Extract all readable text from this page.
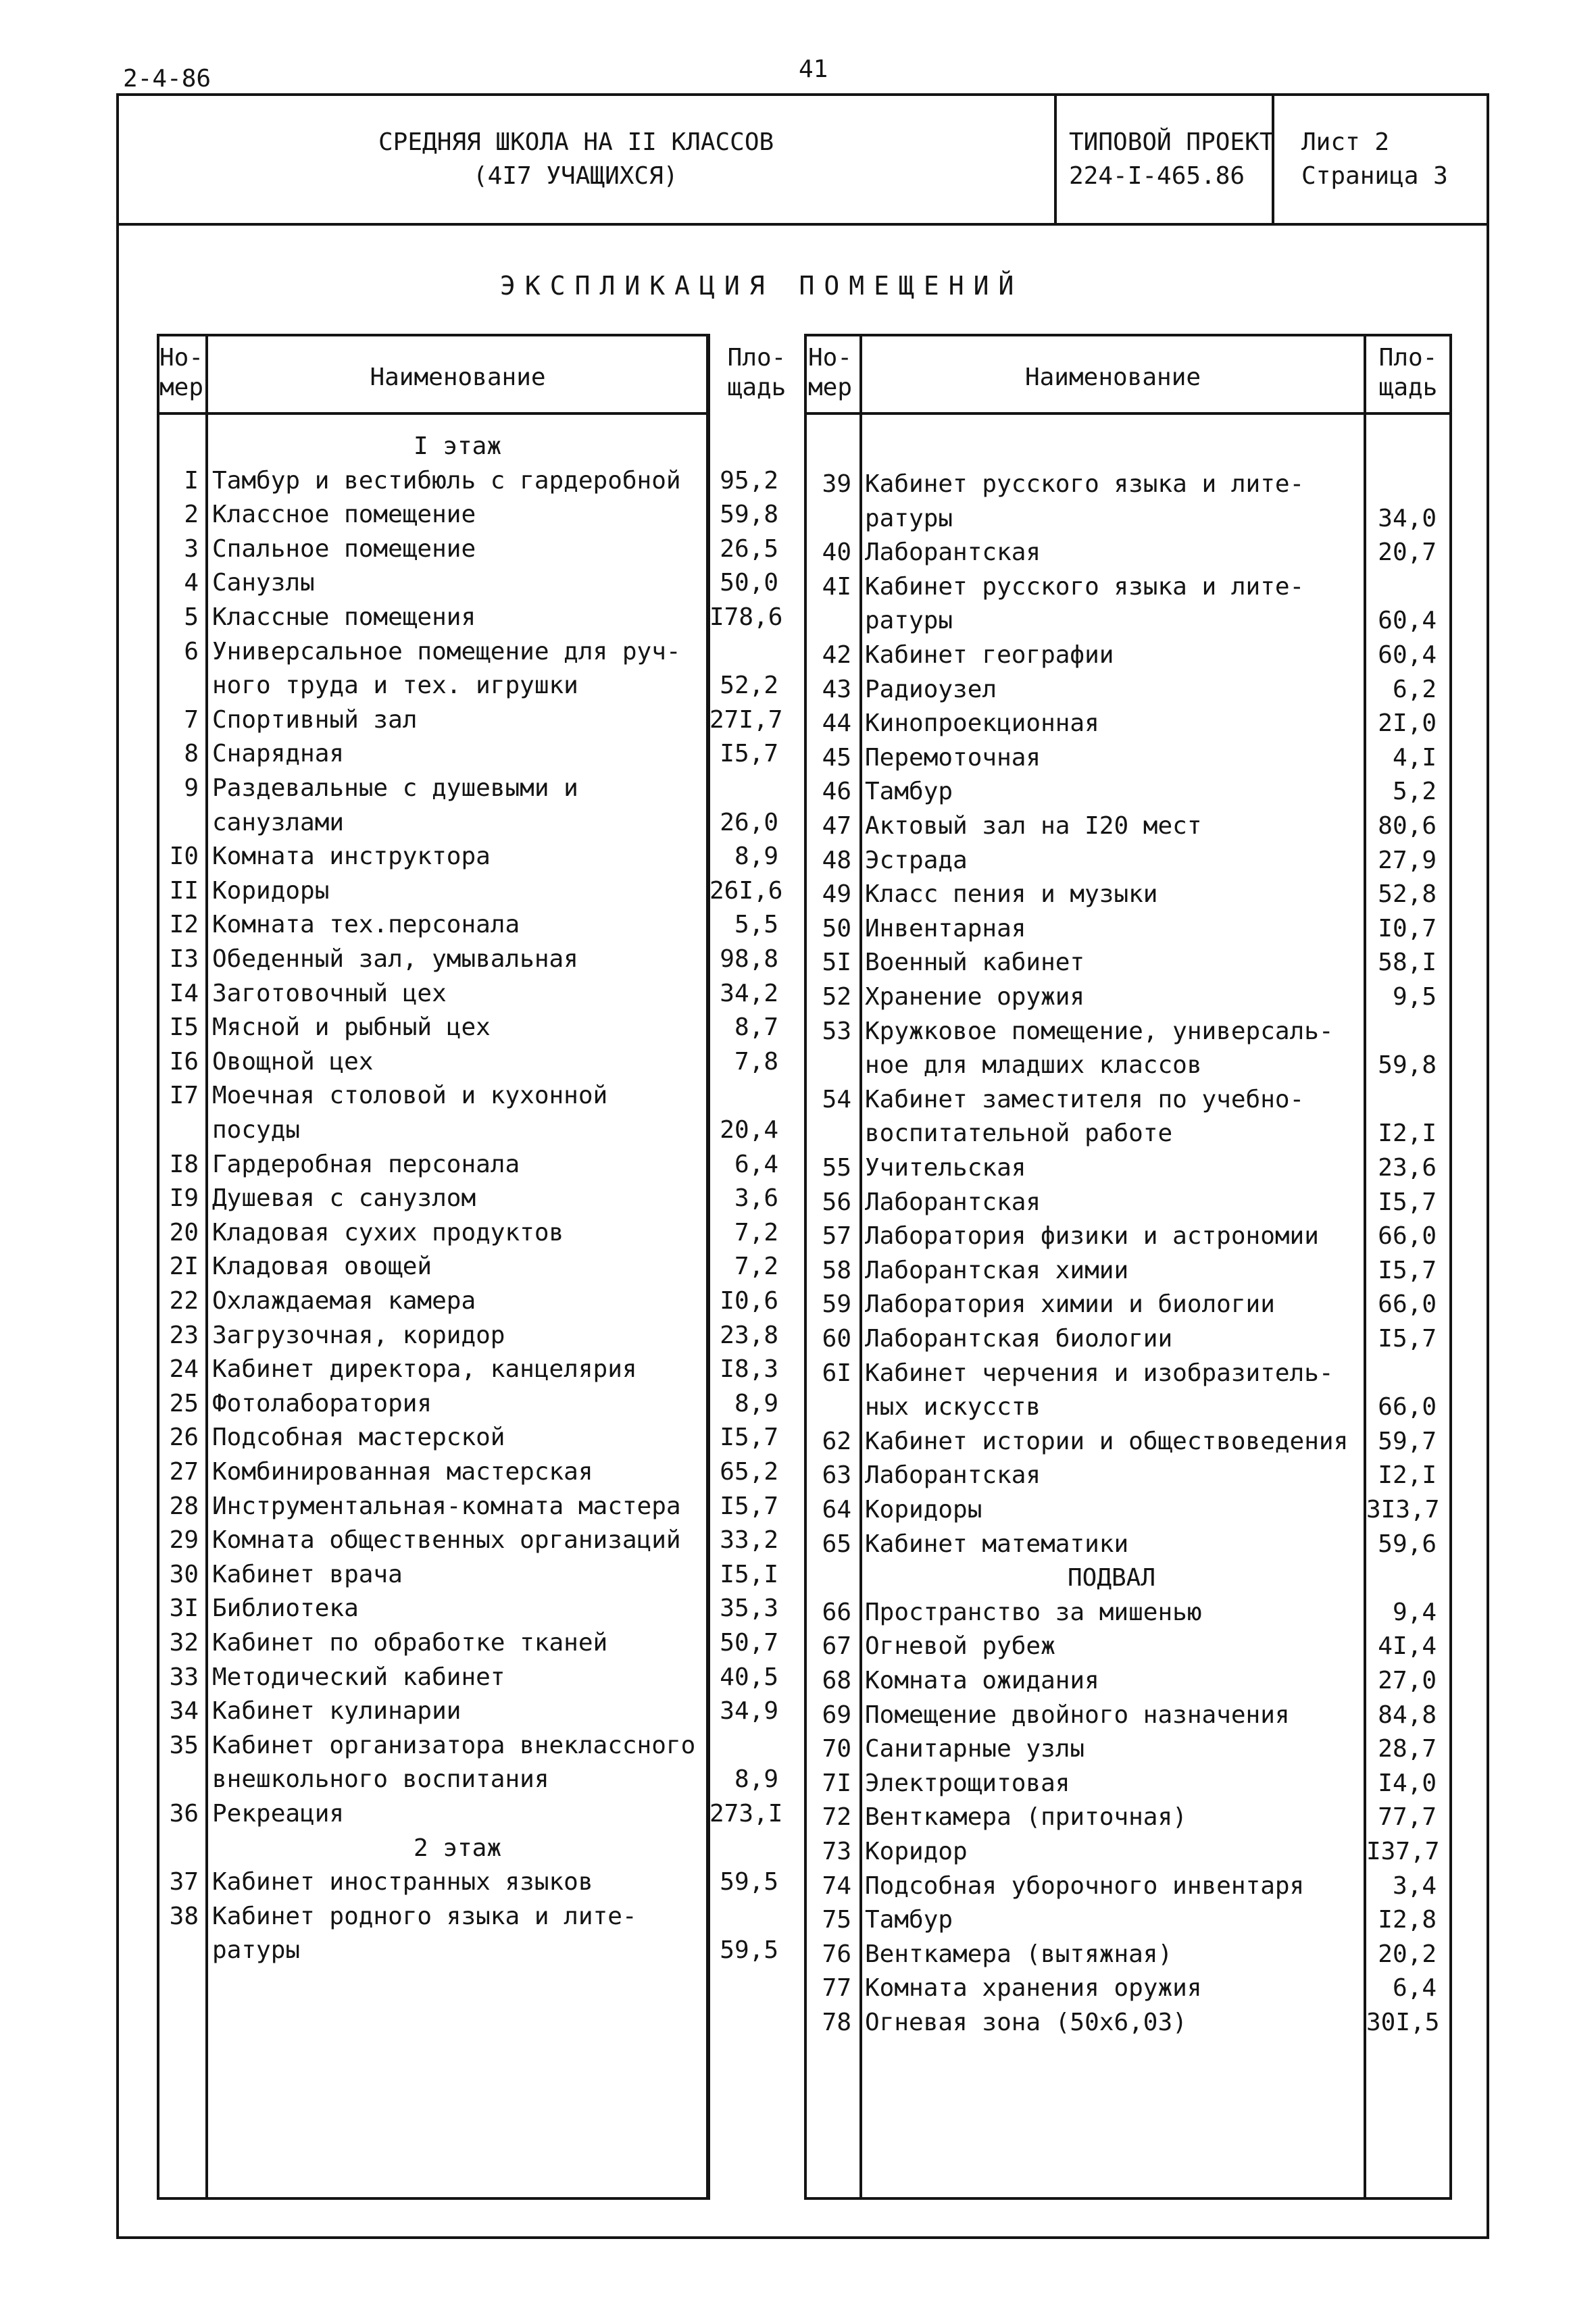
2-4-86	41
СРЕДНЯЯ ШКОЛА НА II КЛАССОВ
(4I7 УЧАЩИХСЯ)
ТИПОВОЙ ПРОЕКТ
224-I-465.86
Лист 2
Страница 3
ЭКСПЛИКАЦИЯ ПОМЕЩЕНИЙ
Но-
мер	Наименование
Пло-
щадь
Но-
мер	Наименование
Пло-
щадь
I этаж
I Тамбур и вестибюль с гардеробной	95,2
2 Классное помещение	59,8
3 Спальное помещение	26,5
4 Санузлы	50,0
5 Классные помещения	I78,6
6 Универсальное помещение для руч-
ного труда и тех. игрушки	52,2
7 Спортивный зал	27I,7
8 Снарядная	I5,7
9 Раздевальные с душевыми и
санузлами	26,0
I0 Комната инструктора	8,9
II Коридоры	26I,6
I2 Комната тех.персонала	5,5
I3 Обеденный зал, умывальная	98,8
I4 Заготовочный цех	34,2
I5 Мясной и рыбный цех	8,7
I6 Овощной цех	7,8
I7 Моечная столовой и кухонной
посуды	20,4
I8 Гардеробная персонала	6,4
I9 Душевая с санузлом	3,6
20 Кладовая сухих продуктов	7,2
2I Кладовая овощей	7,2
22 Охлаждаемая камера	I0,6
23 Загрузочная, коридор	23,8
24 Кабинет директора, канцелярия	I8,3
25 Фотолаборатория	8,9
26 Подсобная мастерской	I5,7
27 Комбинированная мастерская	65,2
28 Инструментальная-комната мастера	I5,7
29 Комната общественных организаций	33,2
30 Кабинет врача	I5,I
3I Библиотека	35,3
32 Кабинет по обработке тканей	50,7
33 Методический кабинет	40,5
34 Кабинет кулинарии	34,9
35 Кабинет организатора внеклассного
внешкольного воспитания	8,9
36 Рекреация	273,I
2 этаж
37 Кабинет иностранных языков	59,5
38 Кабинет родного языка и лите-
ратуры	59,5
39 Кабинет русского языка и лите-
ратуры	34,0
40 Лаборантская	20,7
4I Кабинет русского языка и лите-
ратуры	60,4
42 Кабинет географии	60,4
43 Радиоузел	6,2
44 Кинопроекционная	2I,0
45 Перемоточная	4,I
46 Тамбур	5,2
47 Актовый зал на I20 мест	80,6
48 Эстрада	27,9
49 Класс пения и музыки	52,8
50 Инвентарная	I0,7
5I Военный кабинет	58,I
52 Хранение оружия	9,5
53 Кружковое помещение, универсаль-
ное для младших классов	59,8
54 Кабинет заместителя по учебно-
воспитательной работе	I2,I
55 Учительская	23,6
56 Лаборантская	I5,7
57 Лаборатория физики и астрономии	66,0
58 Лаборантская химии	I5,7
59 Лаборатория химии и биологии	66,0
60 Лаборантская биологии	I5,7
6I Кабинет черчения и изобразитель-
ных искусств	66,0
62 Кабинет истории и обществоведения	59,7
63 Лаборантская	I2,I
64 Коридоры	3I3,7
65 Кабинет математики	59,6
ПОДВАЛ
66 Пространство за мишенью	9,4
67 Огневой рубеж	4I,4
68 Комната ожидания	27,0
69 Помещение двойного назначения	84,8
70 Санитарные узлы	28,7
7I Электрощитовая	I4,0
72 Венткамера (приточная)	77,7
73 Коридор	I37,7
74 Подсобная уборочного инвентаря	3,4
75 Тамбур	I2,8
76 Венткамера (вытяжная)	20,2
77 Комната хранения оружия	6,4
78 Огневая зона (50х6,03)	30I,5
